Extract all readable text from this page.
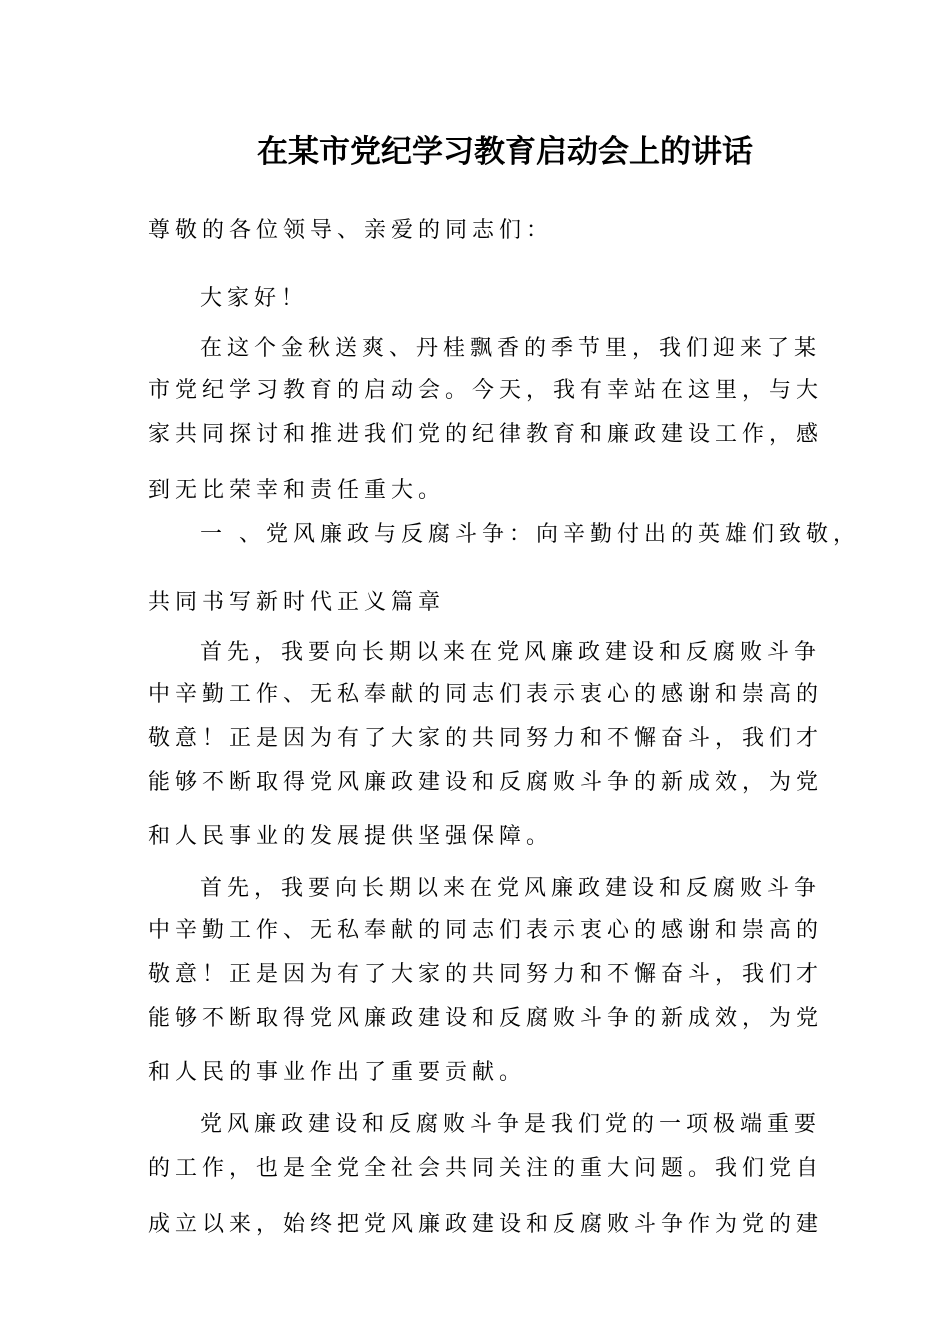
在某市党纪学习教育启动会上的讲话
尊敬的各位领导、亲爱的同志们：
大家好！
在这个金秋送爽、丹桂飘香的季节里，我们迎来了某
市党纪学习教育的启动会。今天，我有幸站在这里，与大
家共同探讨和推进我们党的纪律教育和廉政建设工作，感
到无比荣幸和责任重大。
一 、党风廉政与反腐斗争：向辛勤付出的英雄们致敬，
共同书写新时代正义篇章
首先，我要向长期以来在党风廉政建设和反腐败斗争
中辛勤工作、无私奉献的同志们表示衷心的感谢和崇高的
敬意！正是因为有了大家的共同努力和不懈奋斗，我们才
能够不断取得党风廉政建设和反腐败斗争的新成效，为党
和人民事业的发展提供坚强保障。
首先，我要向长期以来在党风廉政建设和反腐败斗争
中辛勤工作、无私奉献的同志们表示衷心的感谢和崇高的
敬意！正是因为有了大家的共同努力和不懈奋斗，我们才
能够不断取得党风廉政建设和反腐败斗争的新成效，为党
和人民的事业作出了重要贡献。
党风廉政建设和反腐败斗争是我们党的一项极端重要
的工作，也是全党全社会共同关注的重大问题。我们党自
成立以来，始终把党风廉政建设和反腐败斗争作为党的建
